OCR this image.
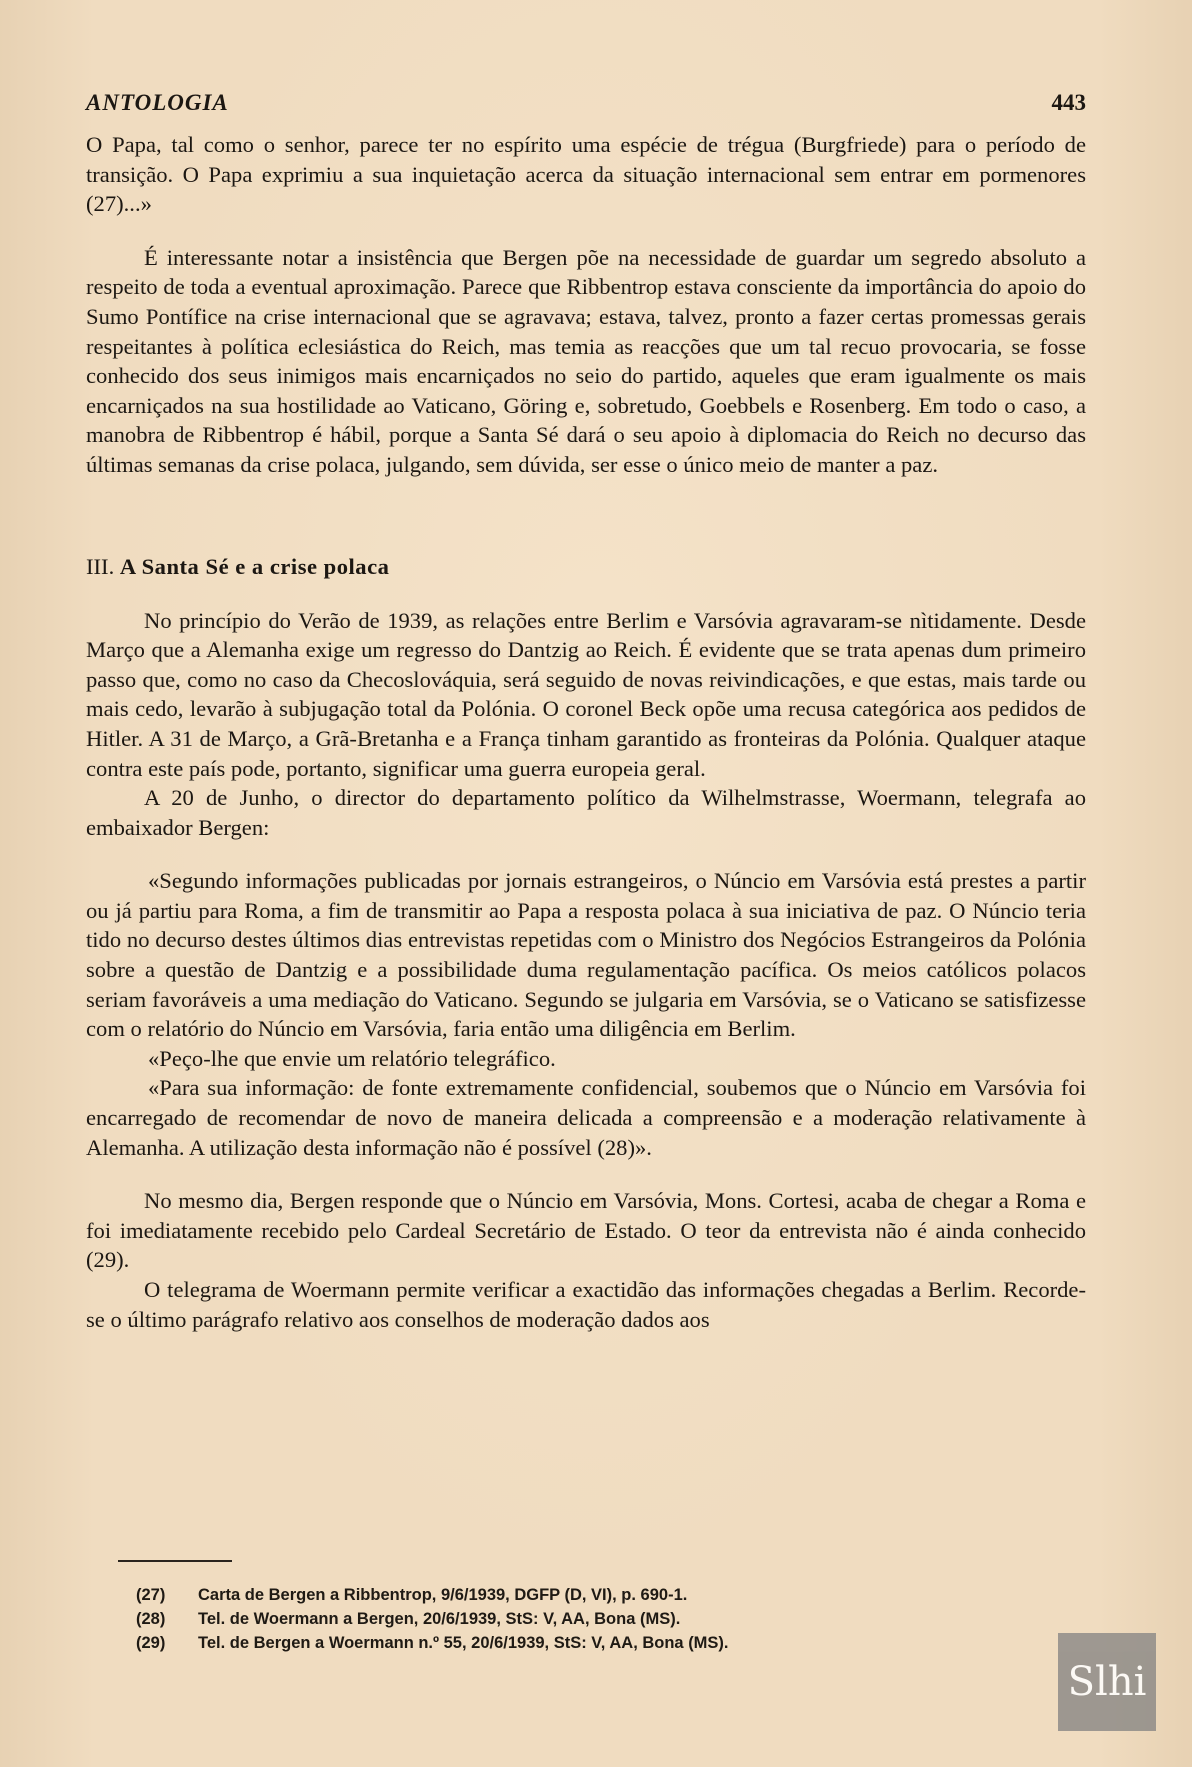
ANTOLOGIA	443

O Papa, tal como o senhor, parece ter no espírito uma espécie de trégua (Burgfriede) para o período de transição. O Papa exprimiu a sua inquietação acerca da situação internacional sem entrar em pormenores (27)...»

É interessante notar a insistência que Bergen põe na necessidade de guardar um segredo absoluto a respeito de toda a eventual aproximação. Parece que Ribbentrop estava consciente da importância do apoio do Sumo Pontífice na crise internacional que se agravava; estava, talvez, pronto a fazer certas promessas gerais respeitantes à política eclesiástica do Reich, mas temia as reacções que um tal recuo provocaria, se fosse conhecido dos seus inimigos mais encarniçados no seio do partido, aqueles que eram igualmente os mais encarniçados na sua hostilidade ao Vaticano, Göring e, sobretudo, Goebbels e Rosenberg. Em todo o caso, a manobra de Ribbentrop é hábil, porque a Santa Sé dará o seu apoio à diplomacia do Reich no decurso das últimas semanas da crise polaca, julgando, sem dúvida, ser esse o único meio de manter a paz.

III. A Santa Sé e a crise polaca

No princípio do Verão de 1939, as relações entre Berlim e Varsóvia agravaram-se nìtidamente. Desde Março que a Alemanha exige um regresso do Dantzig ao Reich. É evidente que se trata apenas dum primeiro passo que, como no caso da Checoslováquia, será seguido de novas reivindicações, e que estas, mais tarde ou mais cedo, levarão à subjugação total da Polónia. O coronel Beck opõe uma recusa categórica aos pedidos de Hitler. A 31 de Março, a Grã-Bretanha e a França tinham garantido as fronteiras da Polónia. Qualquer ataque contra este país pode, portanto, significar uma guerra europeia geral.

A 20 de Junho, o director do departamento político da Wilhelmstrasse, Woermann, telegrafa ao embaixador Bergen:

«Segundo informações publicadas por jornais estrangeiros, o Núncio em Varsóvia está prestes a partir ou já partiu para Roma, a fim de transmitir ao Papa a resposta polaca à sua iniciativa de paz. O Núncio teria tido no decurso destes últimos dias entrevistas repetidas com o Ministro dos Negócios Estrangeiros da Polónia sobre a questão de Dantzig e a possibilidade duma regulamentação pacífica. Os meios católicos polacos seriam favoráveis a uma mediação do Vaticano. Segundo se julgaria em Varsóvia, se o Vaticano se satisfizesse com o relatório do Núncio em Varsóvia, faria então uma diligência em Berlim.

«Peço-lhe que envie um relatório telegráfico.

«Para sua informação: de fonte extremamente confidencial, soubemos que o Núncio em Varsóvia foi encarregado de recomendar de novo de maneira delicada a compreensão e a moderação relativamente à Alemanha. A utilização desta informação não é possível (28)».

No mesmo dia, Bergen responde que o Núncio em Varsóvia, Mons. Cortesi, acaba de chegar a Roma e foi imediatamente recebido pelo Cardeal Secretário de Estado. O teor da entrevista não é ainda conhecido (29).

O telegrama de Woermann permite verificar a exactidão das informações chegadas a Berlim. Recorde-se o último parágrafo relativo aos conselhos de moderação dados aos

(27)	Carta de Bergen a Ribbentrop, 9/6/1939, DGFP (D, VI), p. 690-1.
(28)	Tel. de Woermann a Bergen, 20/6/1939, StS: V, AA, Bona (MS).
(29)	Tel. de Bergen a Woermann n.º 55, 20/6/1939, StS: V, AA, Bona (MS).
Slhi
